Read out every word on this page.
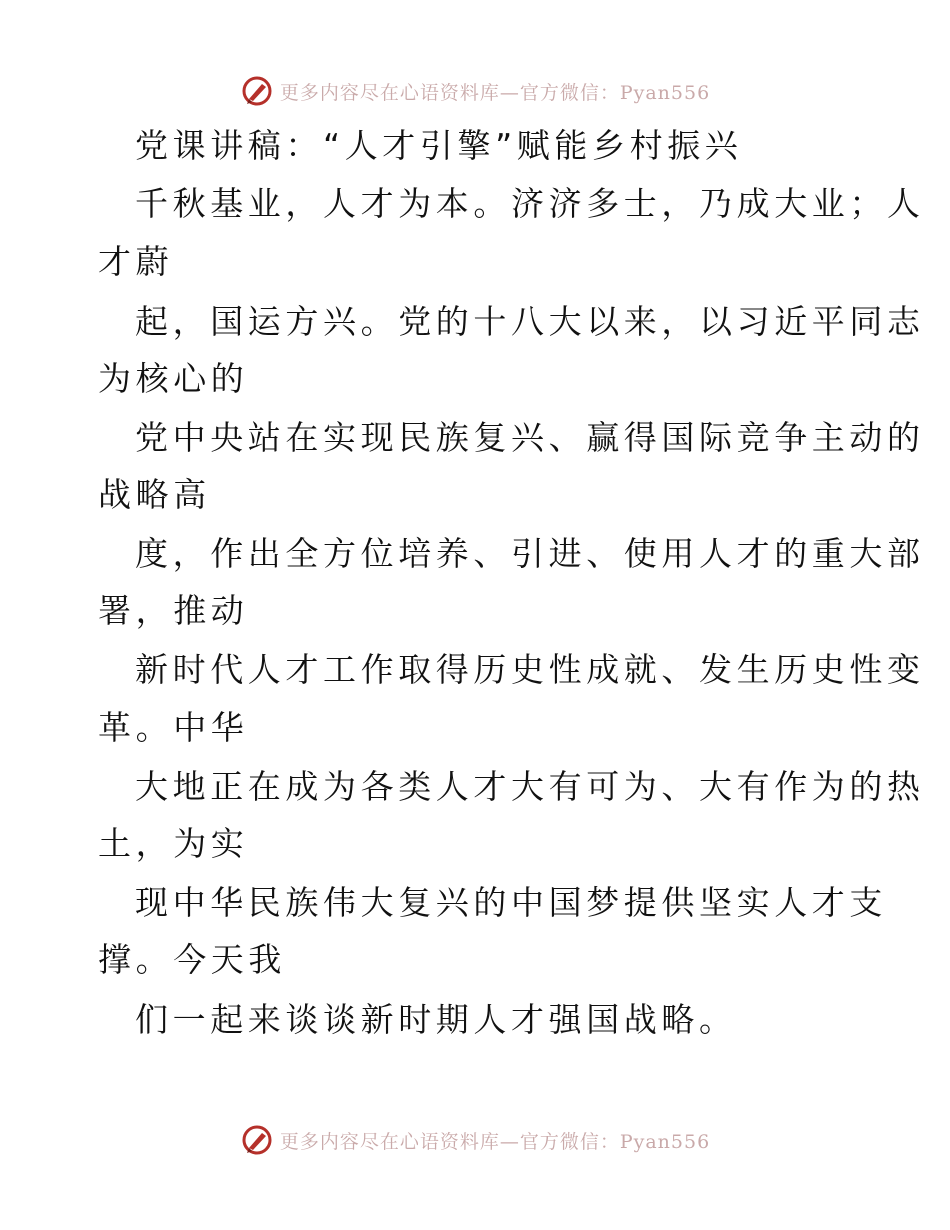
更多内容尽在心语资料库—官方微信：Pyan556
党课讲稿：“人才引擎”赋能乡村振兴
千秋基业，人才为本。济济多士，乃成大业；人
才蔚
起，国运方兴。党的十八大以来，以习近平同志
为核心的
党中央站在实现民族复兴、赢得国际竞争主动的
战略高
度，作出全方位培养、引进、使用人才的重大部
署，推动
新时代人才工作取得历史性成就、发生历史性变
革。中华
大地正在成为各类人才大有可为、大有作为的热
土，为实
现中华民族伟大复兴的中国梦提供坚实人才支
撑。今天我
们一起来谈谈新时期人才强国战略。
更多内容尽在心语资料库—官方微信：Pyan556
